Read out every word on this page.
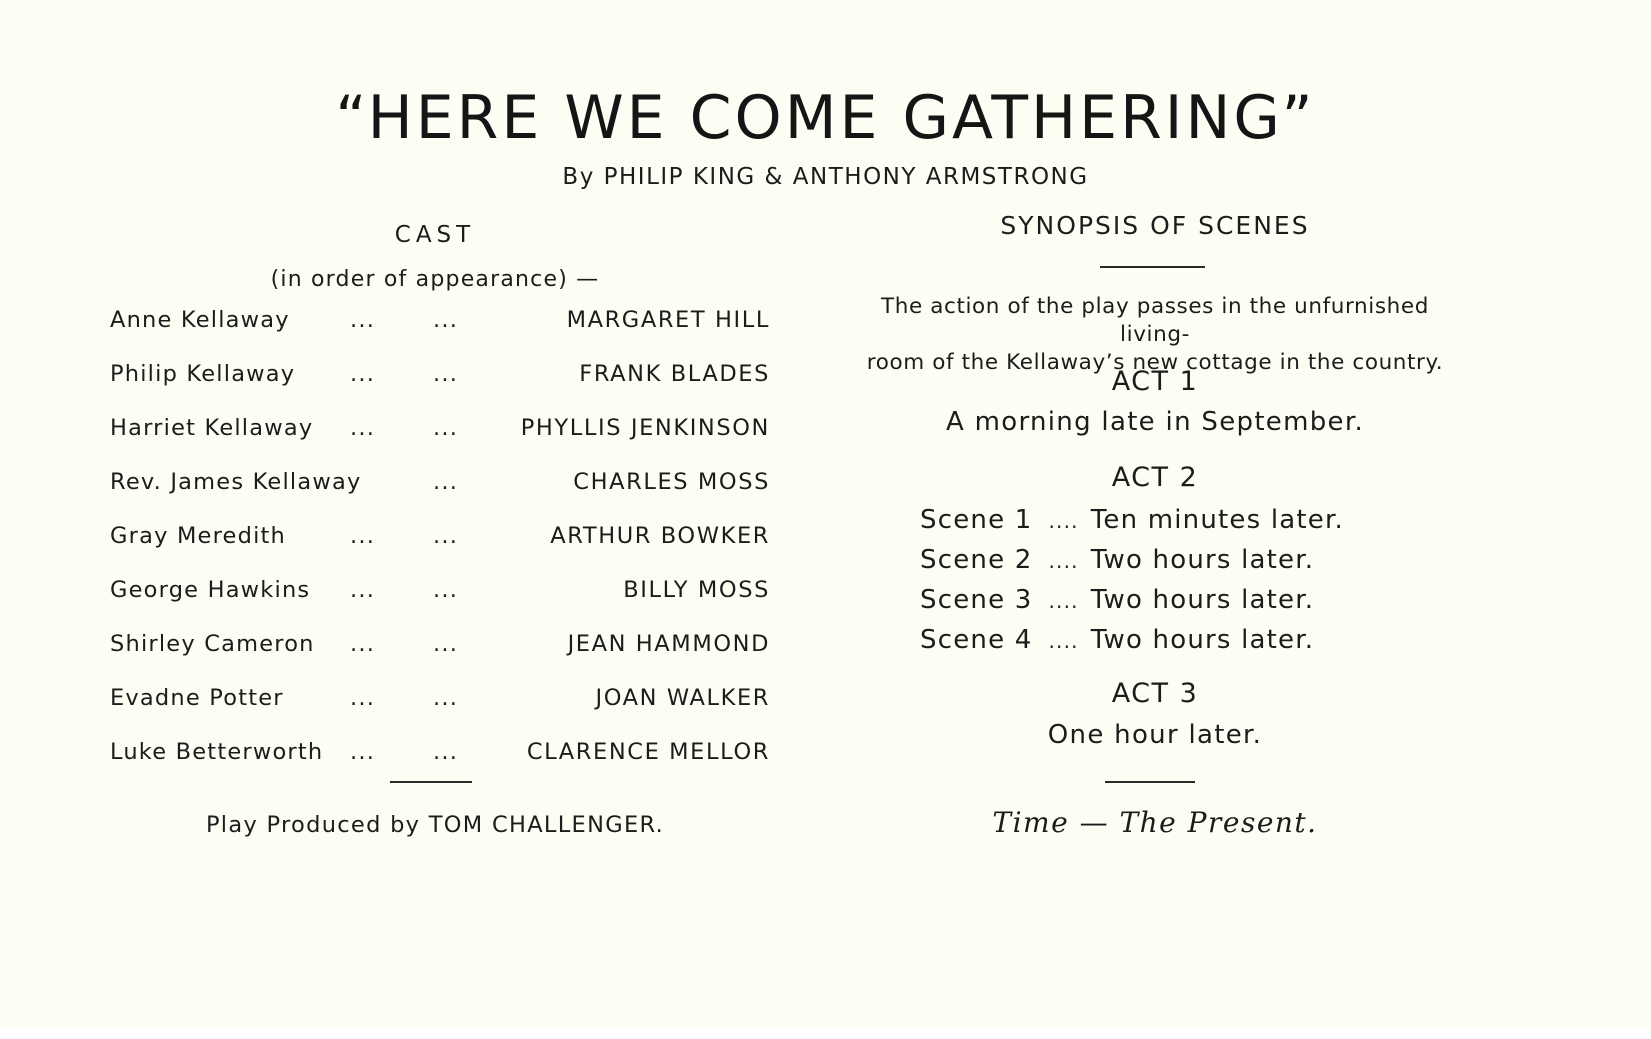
“HERE WE COME GATHERING”
By PHILIP KING & ANTHONY ARMSTRONG
CAST
(in order of appearance) —
Anne Kellaway	...	...	MARGARET HILL
Philip Kellaway ...	...	FRANK BLADES
Harriet Kellaway ...	...	PHYLLIS JENKINSON
Rev. James Kellaway	...	CHARLES MOSS
Gray Meredith	...	...	ARTHUR BOWKER
George Hawkins ...	...	BILLY MOSS
Shirley Cameron ...	...	JEAN HAMMOND
Evadne Potter	...	...	JOAN WALKER
Luke Betterworth ...	...	CLARENCE MELLOR
Play Produced by TOM CHALLENGER.
SYNOPSIS OF SCENES
The action of the play passes in the unfurnished living-
room of the Kellaway’s new cottage in the country.
ACT 1
A morning late in September.
ACT 2
Scene 1 .... Ten minutes later.
Scene 2 .... Two hours later.
Scene 3 .... Two hours later.
Scene 4 .... Two hours later.
ACT 3
One hour later.
Time — The Present.
